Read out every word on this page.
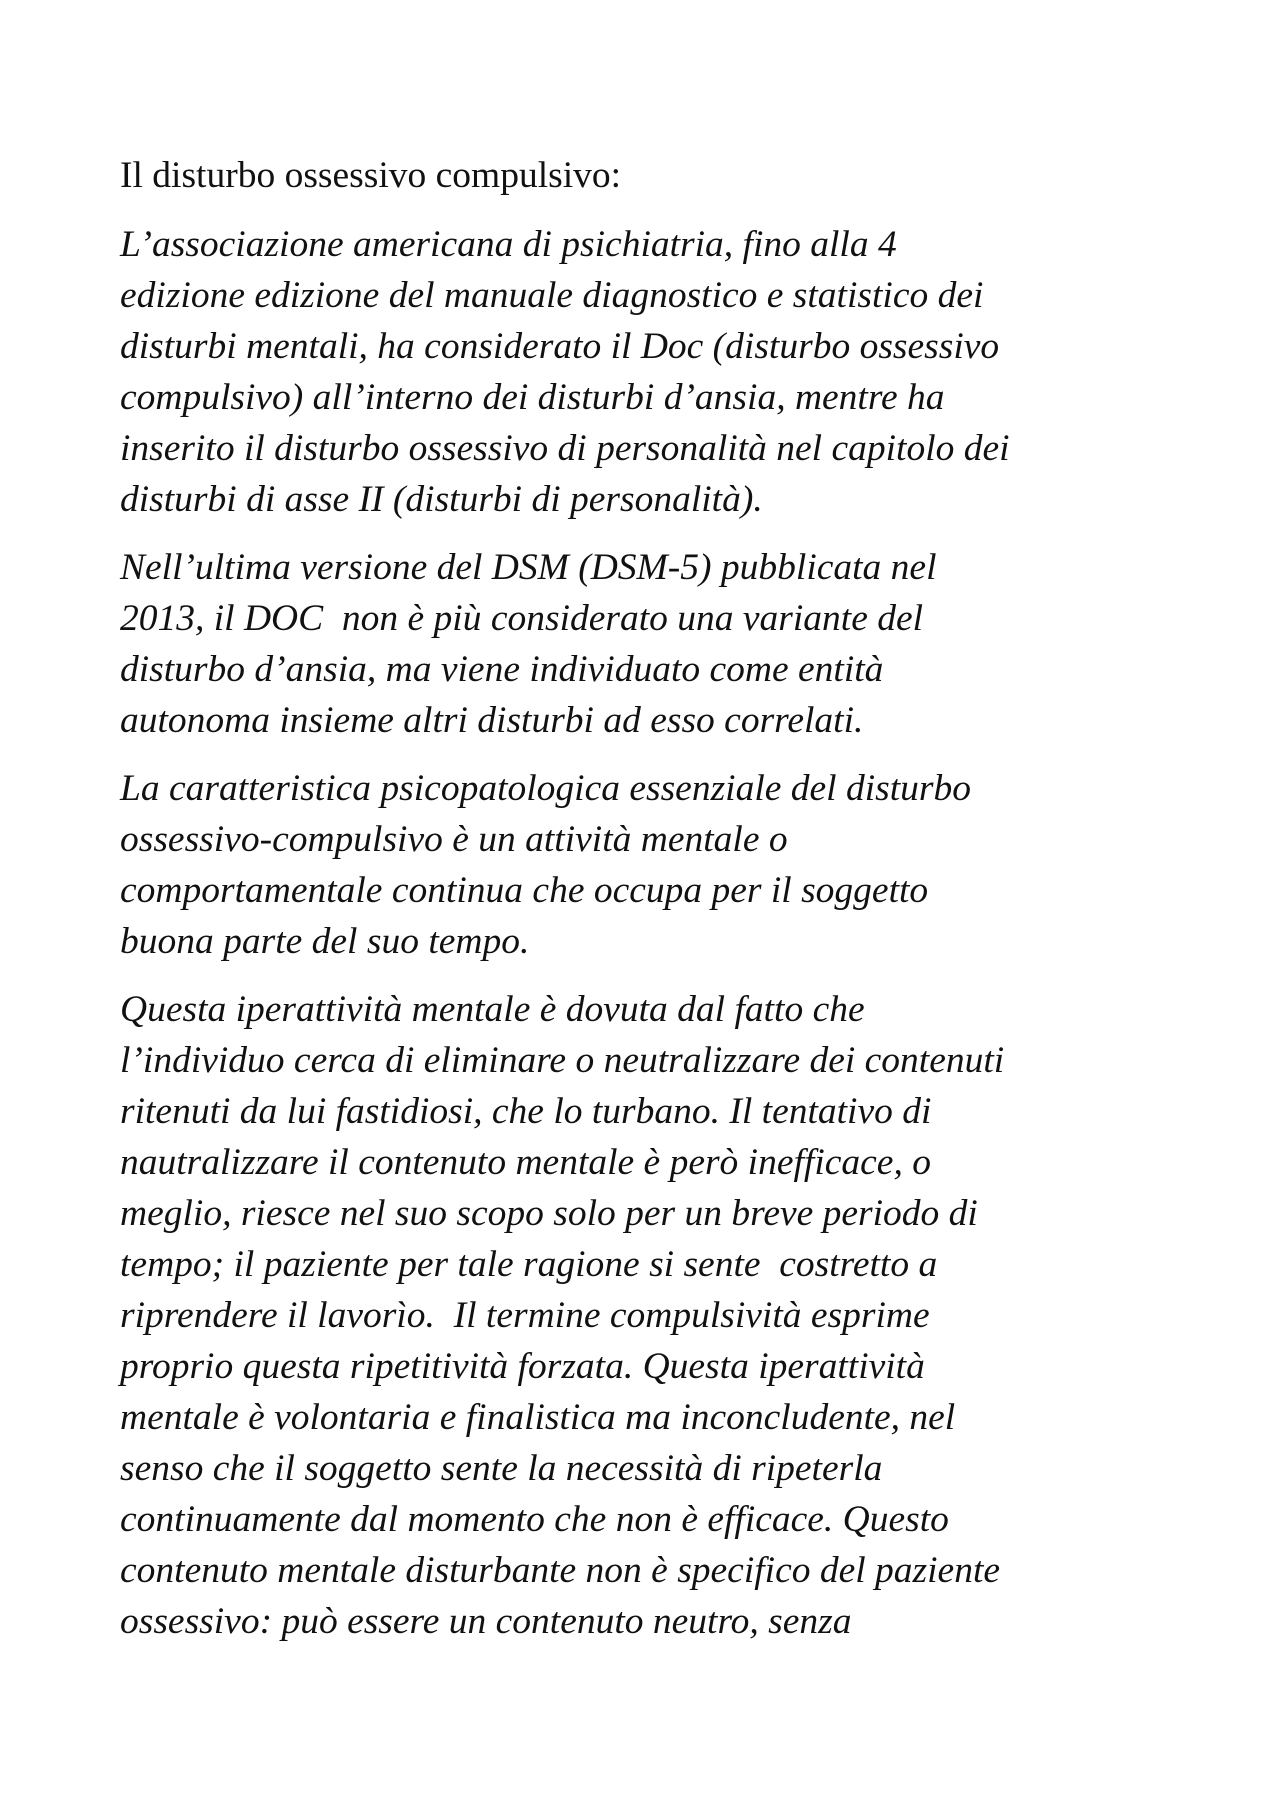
Il disturbo ossessivo compulsivo:

L’associazione americana di psichiatria, fino alla 4
edizione edizione del manuale diagnostico e statistico dei
disturbi mentali, ha considerato il Doc (disturbo ossessivo
compulsivo) all’interno dei disturbi d’ansia, mentre ha
inserito il disturbo ossessivo di personalità nel capitolo dei
disturbi di asse II (disturbi di personalità).

Nell’ultima versione del DSM (DSM-5) pubblicata nel
2013, il DOC  non è più considerato una variante del
disturbo d’ansia, ma viene individuato come entità
autonoma insieme altri disturbi ad esso correlati.

La caratteristica psicopatologica essenziale del disturbo
ossessivo-compulsivo è un attività mentale o
comportamentale continua che occupa per il soggetto
buona parte del suo tempo.

Questa iperattività mentale è dovuta dal fatto che
l’individuo cerca di eliminare o neutralizzare dei contenuti
ritenuti da lui fastidiosi, che lo turbano. Il tentativo di
nautralizzare il contenuto mentale è però inefficace, o
meglio, riesce nel suo scopo solo per un breve periodo di
tempo; il paziente per tale ragione si sente  costretto a
riprendere il lavorìo.  Il termine compulsività esprime
proprio questa ripetitività forzata. Questa iperattività
mentale è volontaria e finalistica ma inconcludente, nel
senso che il soggetto sente la necessità di ripeterla
continuamente dal momento che non è efficace. Questo
contenuto mentale disturbante non è specifico del paziente
ossessivo: può essere un contenuto neutro, senza
